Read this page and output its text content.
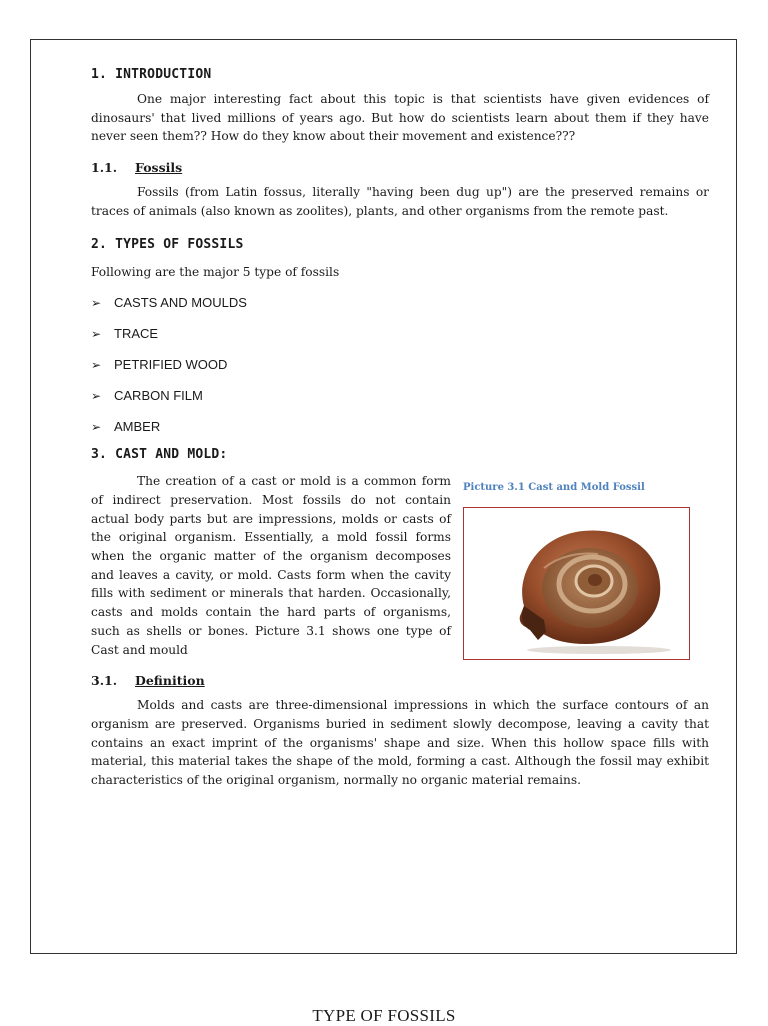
1. INTRODUCTION

One major interesting fact about this topic is that scientists have given evidences of dinosaurs' that lived millions of years ago. But how do scientists learn about them if they have never seen them?? How do they know about their movement and existence???

1.1. Fossils

Fossils (from Latin fossus, literally "having been dug up") are the preserved remains or traces of animals (also known as zoolites), plants, and other organisms from the remote past.

2. TYPES OF FOSSILS

Following are the major 5 type of fossils

➢ CASTS AND MOULDS
➢ TRACE
➢ PETRIFIED WOOD
➢ CARBON FILM
➢ AMBER
3. CAST AND MOLD:

The creation of a cast or mold is a common form of indirect preservation. Most fossils do not contain actual body parts but are impressions, molds or casts of the original organism. Essentially, a mold fossil forms when the organic matter of the organism decomposes and leaves a cavity, or mold. Casts form when the cavity fills with sediment or minerals that harden. Occasionally, casts and molds contain the hard parts of organisms, such as shells or bones. Picture 3.1 shows one type of Cast and mould

Picture 3.1 Cast and Mold Fossil
3.1. Definition

Molds and casts are three-dimensional impressions in which the surface contours of an organism are preserved. Organisms buried in sediment slowly decompose, leaving a cavity that contains an exact imprint of the organisms' shape and size. When this hollow space fills with material, this material takes the shape of the mold, forming a cast. Although the fossil may exhibit characteristics of the original organism, normally no organic material remains.

TYPE OF FOSSILS
